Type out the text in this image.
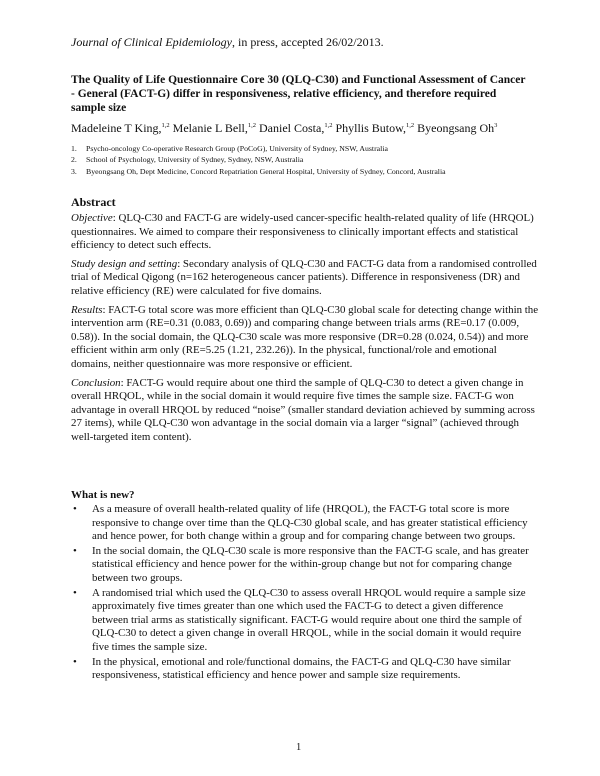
Journal of Clinical Epidemiology, in press, accepted 26/02/2013.
The Quality of Life Questionnaire Core 30 (QLQ-C30) and Functional Assessment of Cancer - General (FACT-G) differ in responsiveness, relative efficiency, and therefore required sample size
Madeleine T King,$^{1,2}$ Melanie L Bell,$^{1,2}$ Daniel Costa,$^{1,2}$ Phyllis Butow,$^{1,2}$ Byeongsang Oh$^3$
1.	Psycho-oncology Co-operative Research Group (PoCoG), University of Sydney, NSW, Australia
2.	School of Psychology, University of Sydney, Sydney, NSW, Australia
3.	Byeongsang Oh, Dept Medicine, Concord Repatriation General Hospital, University of Sydney, Concord, Australia
Abstract

Objective: QLQ-C30 and FACT-G are widely-used cancer-specific health-related quality of life (HRQOL) questionnaires. We aimed to compare their responsiveness to clinically important effects and statistical efficiency to detect such effects.

Study design and setting: Secondary analysis of QLQ-C30 and FACT-G data from a randomised controlled trial of Medical Qigong (n=162 heterogeneous cancer patients). Difference in responsiveness (DR) and relative efficiency (RE) were calculated for five domains.

Results: FACT-G total score was more efficient than QLQ-C30 global scale for detecting change within the intervention arm (RE=0.31 (0.083, 0.69)) and comparing change between trials arms (RE=0.17 (0.009, 0.58)). In the social domain, the QLQ-C30 scale was more responsive (DR=0.28 (0.024, 0.54)) and more efficient within arm only (RE=5.25 (1.21, 232.26)). In the physical, functional/role and emotional domains, neither questionnaire was more responsive or efficient.

Conclusion: FACT-G would require about one third the sample of QLQ-C30 to detect a given change in overall HRQOL, while in the social domain it would require five times the sample size. FACT-G won advantage in overall HRQOL by reduced “noise” (smaller standard deviation achieved by summing across 27 items), while QLQ-C30 won advantage in the social domain via a larger “signal” (achieved through well-targeted item content).

What is new?
•	As a measure of overall health-related quality of life (HRQOL), the FACT-G total score is more responsive to change over time than the QLQ-C30 global scale, and has greater statistical efficiency and hence power, for both change within a group and for comparing change between two groups.
•	In the social domain, the QLQ-C30 scale is more responsive than the FACT-G scale, and has greater statistical efficiency and hence power for the within-group change but not for comparing change between two groups.
•	A randomised trial which used the QLQ-C30 to assess overall HRQOL would require a sample size approximately five times greater than one which used the FACT-G to detect a given difference between trial arms as statistically significant. FACT-G would require about one third the sample of QLQ-C30 to detect a given change in overall HRQOL, while in the social domain it would require five times the sample size.
•	In the physical, emotional and role/functional domains, the FACT-G and QLQ-C30 have similar responsiveness, statistical efficiency and hence power and sample size requirements.
1
